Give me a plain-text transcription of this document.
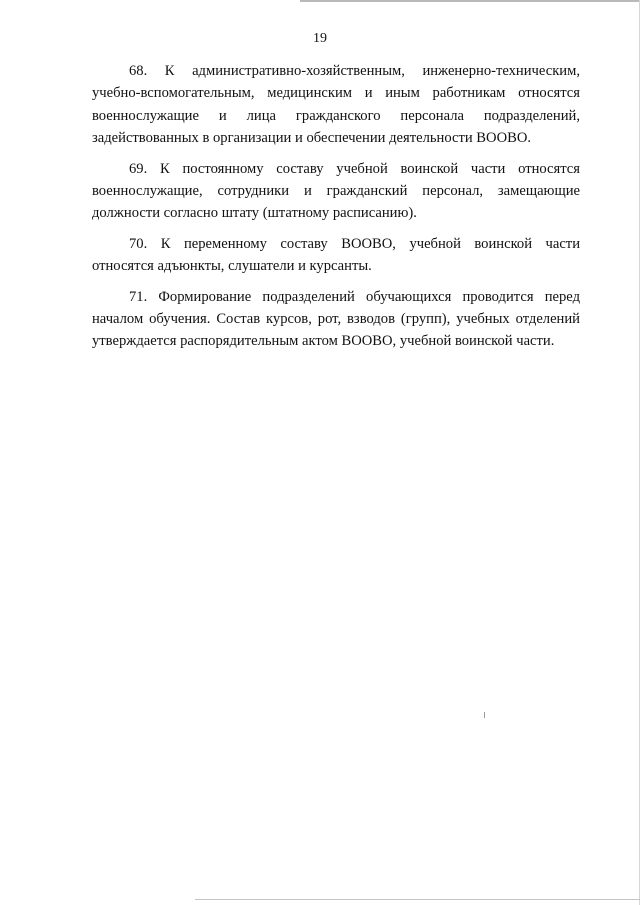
19

68. К административно-хозяйственным, инженерно-техническим,
учебно-вспомогательным, медицинским и иным работникам относятся
военнослужащие и лица гражданского персонала подразделений,
задействованных в организации и обеспечении деятельности ВООВО.

69. К постоянному составу учебной воинской части относятся
военнослужащие, сотрудники и гражданский персонал, замещающие
должности согласно штату (штатному расписанию).

70. К переменному составу ВООВО, учебной воинской части
относятся адъюнкты, слушатели и курсанты.

71. Формирование подразделений обучающихся проводится перед
началом обучения. Состав курсов, рот, взводов (групп), учебных отделений
утверждается распорядительным актом ВООВО, учебной воинской части.
